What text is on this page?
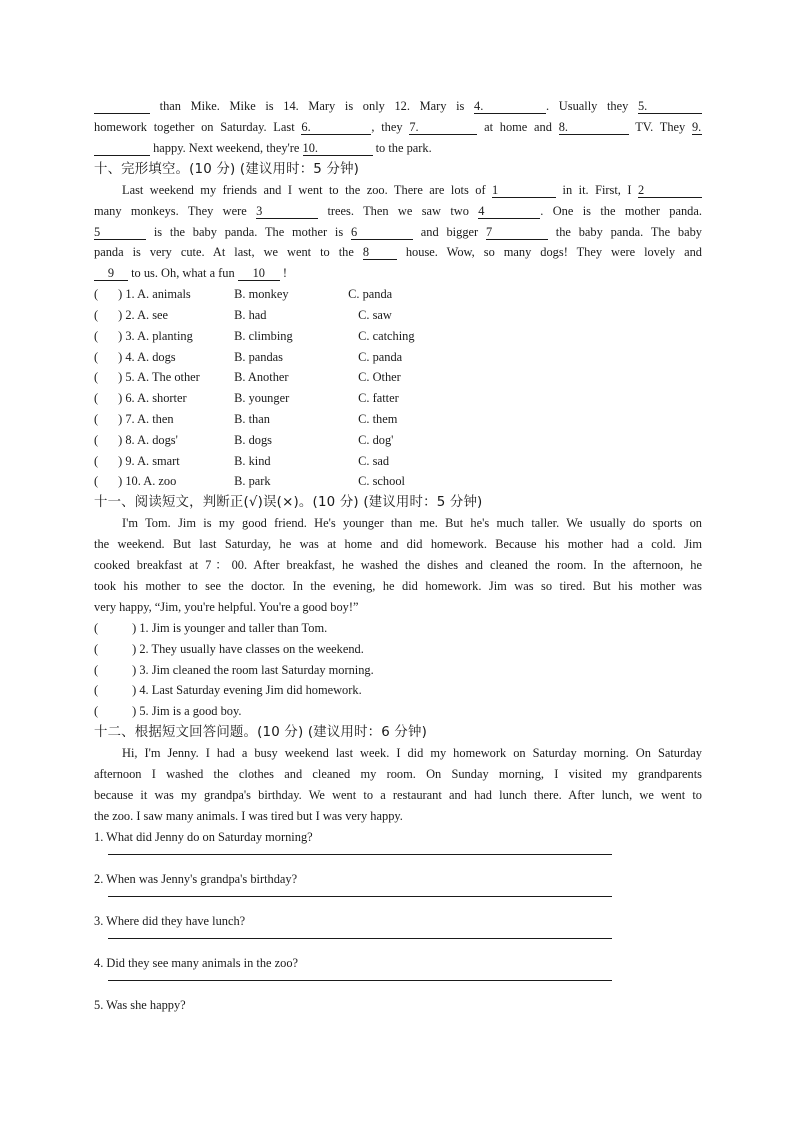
than Mike. Mike is 14. Mary is only 12. Mary is 4.	. Usually they 5.
homework together on Saturday. Last 6.	, they 7.	at home and 8.	TV. They 9.
happy. Next weekend, they're 10.	to the park.

十、完形填空。(10 分) (建议用时：5 分钟)

Last weekend my friends and I went to the zoo. There are lots of 1	in it. First, I 2
many monkeys. They were 3	trees. Then we saw two 4	. One is the mother panda.
5	is the baby panda. The mother is 6	and bigger 7	the baby panda. The baby
panda is very cute. At last, we went to the 8	house. Wow, so many dogs! They were lovely and
9 to us. Oh, what a fun 10 !

( ) 1. A. animals	B. monkey	C. panda
( ) 2. A. see	B. had	C. saw
( ) 3. A. planting	B. climbing	C. catching
( ) 4. A. dogs	B. pandas	C. panda
( ) 5. A. The other	B. Another	C. Other
( ) 6. A. shorter	B. younger	C. fatter
( ) 7. A. then	B. than	C. them
( ) 8. A. dogs'	B. dogs	C. dog'
( ) 9. A. smart	B. kind	C. sad
( ) 10. A. zoo	B. park	C. school

十一、阅读短文，判断正(√)误(×)。(10 分) (建议用时：5 分钟)

I'm Tom. Jim is my good friend. He's younger than me. But he's much taller. We usually do sports on
the weekend. But last Saturday, he was at home and did homework. Because his mother had a cold. Jim
cooked breakfast at 7：00. After breakfast, he washed the dishes and cleaned the room. In the afternoon, he
took his mother to see the doctor. In the evening, he did homework. Jim was so tired. But his mother was
very happy, “Jim, you're helpful. You're a good boy!”

(	) 1. Jim is younger and taller than Tom.
(	) 2. They usually have classes on the weekend.
(	) 3. Jim cleaned the room last Saturday morning.
(	) 4. Last Saturday evening Jim did homework.
(	) 5. Jim is a good boy.

十二、根据短文回答问题。(10 分) (建议用时：6 分钟)

Hi, I'm Jenny. I had a busy weekend last week. I did my homework on Saturday morning. On Saturday
afternoon I washed the clothes and cleaned my room. On Sunday morning, I visited my grandparents
because it was my grandpa's birthday. We went to a restaurant and had lunch there. After lunch, we went to
the zoo. I saw many animals. I was tired but I was very happy.

1. What did Jenny do on Saturday morning?

2. When was Jenny's grandpa's birthday?

3. Where did they have lunch?

4. Did they see many animals in the zoo?

5. Was she happy?
